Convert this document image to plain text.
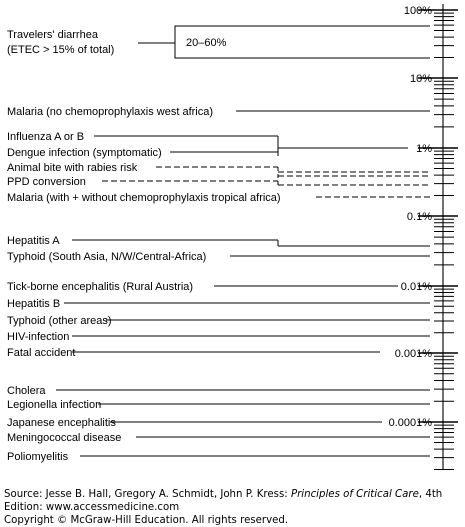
100%
10%
1%
0.1%
0.01%
0.001%
0.0001%
Travelers' diarrhea
(ETEC > 15% of total)
20–60%
Malaria (no chemoprophylaxis west africa)
Influenza A or B
Dengue infection (symptomatic)
Animal bite with rabies risk
PPD conversion
Malaria (with + without chemoprophylaxis tropical africa)
Hepatitis A
Typhoid (South Asia, N/W/Central-Africa)
Tick-borne encephalitis (Rural Austria)
Hepatitis B
Typhoid (other areas)
HIV-infection
Fatal accident
Cholera
Legionella infection
Japanese encephalitis
Meningococcal disease
Poliomyelitis

Source: Jesse B. Hall, Gregory A. Schmidt, John P. Kress: Principles of Critical Care, 4th Edition: www.accessmedicine.com

Copyright © McGraw-Hill Education. All rights reserved.
